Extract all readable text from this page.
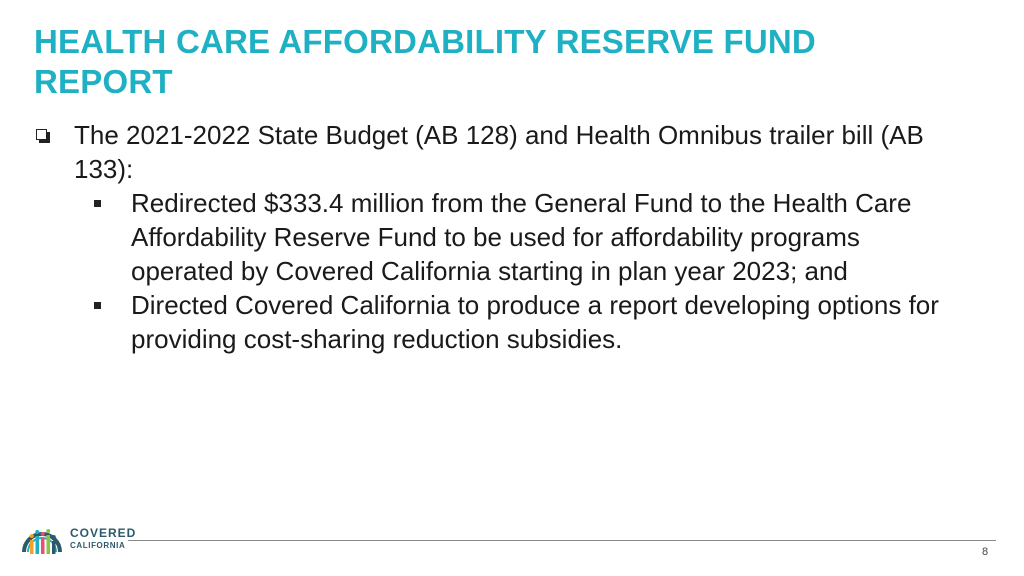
HEALTH CARE AFFORDABILITY RESERVE FUND REPORT
The 2021-2022 State Budget (AB 128) and Health Omnibus trailer bill (AB 133):
Redirected $333.4 million from the General Fund to the Health Care Affordability Reserve Fund to be used for affordability programs operated by Covered California starting in plan year 2023; and
Directed Covered California to produce a report developing options for providing cost-sharing reduction subsidies.
COVERED
CALIFORNIA
8
